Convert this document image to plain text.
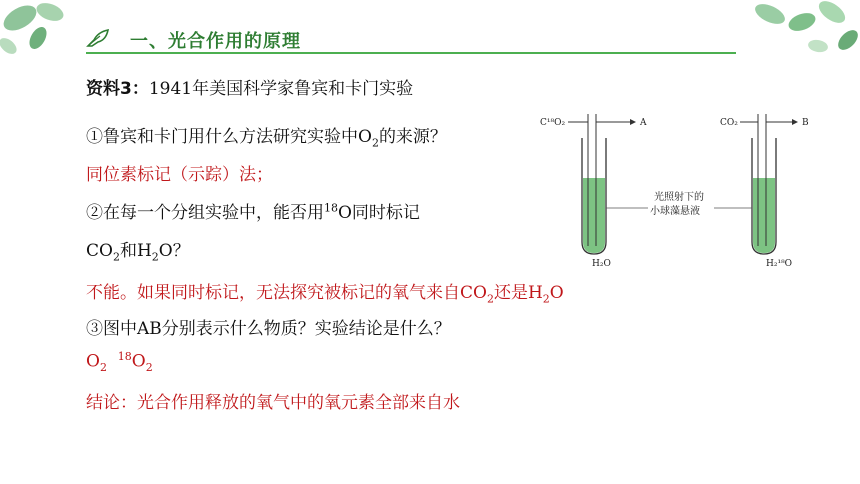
一、光合作用的原理
资料3：1941年美国科学家鲁宾和卡门实验
①鲁宾和卡门用什么方法研究实验中$O_2$的来源？
同位素标记（示踪）法；
②在每一个分组实验中，能否用$^{18}$O同时标记
$CO_2$和$H_2O$？
不能。如果同时标记，无法探究被标记的氧气来自$CO_2$还是$H_2O$
③图中AB分别表示什么物质？实验结论是什么？
$O_2$  $^{18}O_2$
结论：光合作用释放的氧气中的氧元素全部来自水
C¹⁸O₂	A
H₂O
CO₂	B
H₂¹⁸O
光照射下的
小球藻悬液
